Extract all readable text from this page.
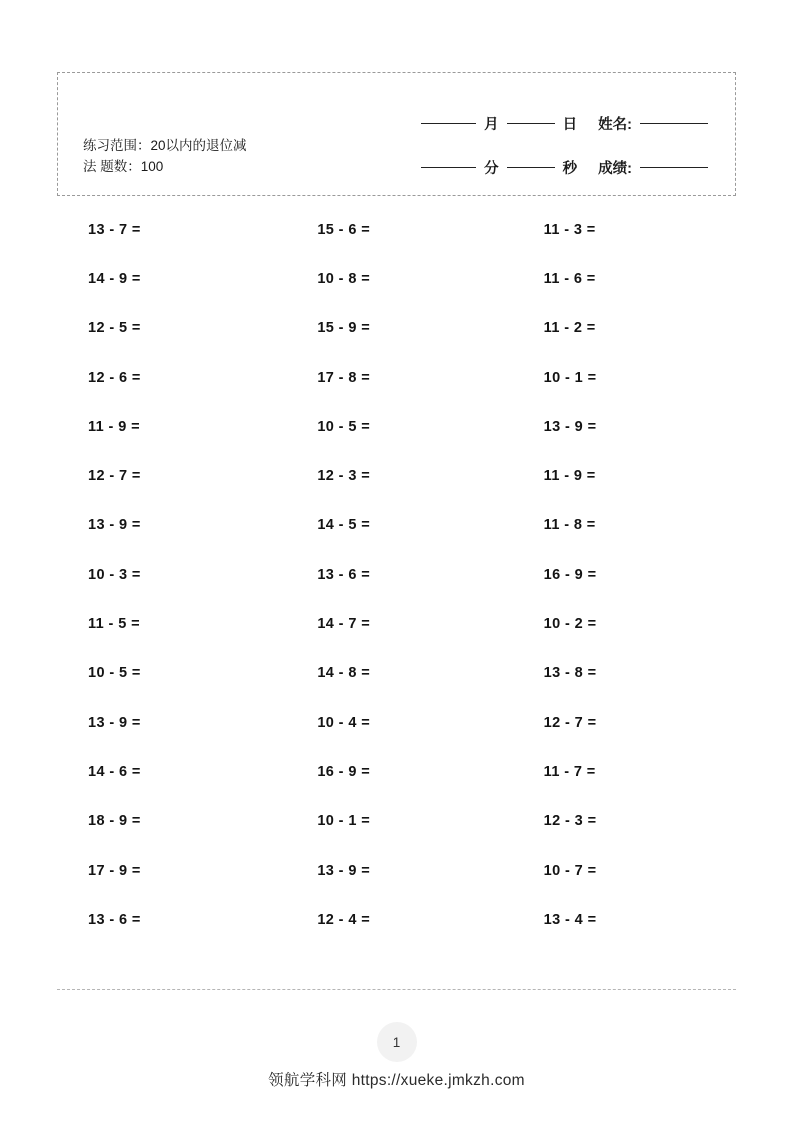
练习范围：20以内的退位减
法 题数：100
月	日 姓名:
分	秒 成绩:
13 - 7 =	15 - 6 =	11 - 3 =
14 - 9 =	10 - 8 =	11 - 6 =
12 - 5 =	15 - 9 =	11 - 2 =
12 - 6 =	17 - 8 =	10 - 1 =
11 - 9 =	10 - 5 =	13 - 9 =
12 - 7 =	12 - 3 =	11 - 9 =
13 - 9 =	14 - 5 =	11 - 8 =
10 - 3 =	13 - 6 =	16 - 9 =
11 - 5 =	14 - 7 =	10 - 2 =
10 - 5 =	14 - 8 =	13 - 8 =
13 - 9 =	10 - 4 =	12 - 7 =
14 - 6 =	16 - 9 =	11 - 7 =
18 - 9 =	10 - 1 =	12 - 3 =
17 - 9 =	13 - 9 =	10 - 7 =
13 - 6 =	12 - 4 =	13 - 4 =
1
领航学科网 https://xueke.jmkzh.com
